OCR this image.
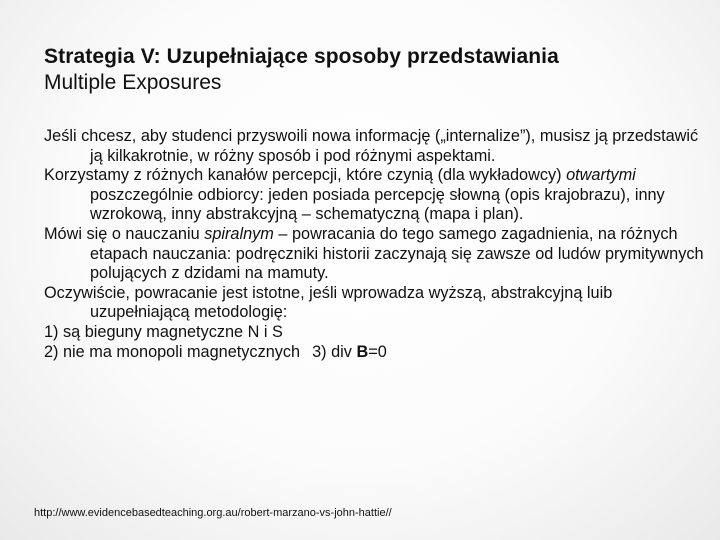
Strategia V: Uzupełniające sposoby przedstawiania
Multiple Exposures

Jeśli chcesz, aby studenci przyswoili nowa informację („internalize”), musisz ją przedstawić ją kilkakrotnie, w różny sposób i pod różnymi aspektami.

Korzystamy z różnych kanałów percepcji, które czynią (dla wykładowcy) otwartymi poszczególnie odbiorcy: jeden posiada percepcję słowną (opis krajobrazu), inny wzrokową, inny abstrakcyjną – schematyczną (mapa i plan).

Mówi się o nauczaniu spiralnym – powracania do tego samego zagadnienia, na różnych etapach nauczania: podręczniki historii zaczynają się zawsze od ludów prymitywnych polujących z dzidami na mamuty.

Oczywiście, powracanie jest istotne, jeśli wprowadza wyższą, abstrakcyjną luib uzupełniającą metodologię:

1) są bieguny magnetyczne N i S

2) nie ma monopoli magnetycznych 3) div B=0

http://www.evidencebasedteaching.org.au/robert-marzano-vs-john-hattie//
